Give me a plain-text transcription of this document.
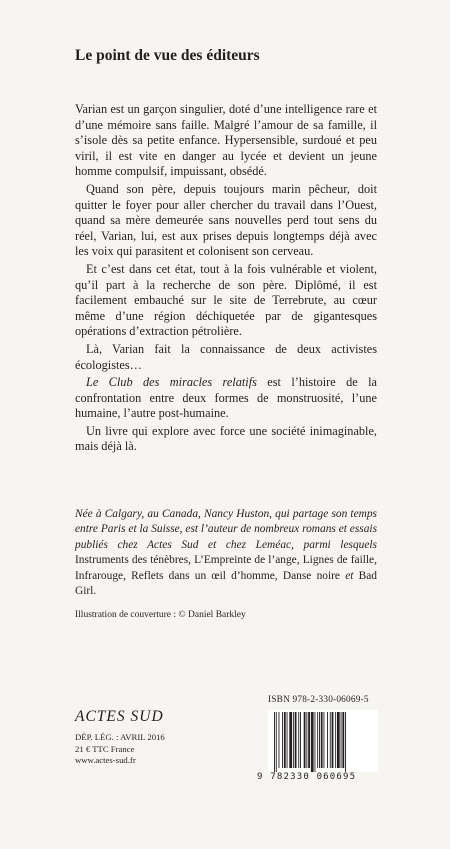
Le point de vue des éditeurs

Varian est un garçon singulier, doté d’une intelligence rare et d’une mémoire sans faille. Malgré l’amour de sa famille, il s’isole dès sa petite enfance. Hypersensible, surdoué et peu viril, il est vite en danger au lycée et devient un jeune homme compulsif, impuissant, obsédé.

Quand son père, depuis toujours marin pêcheur, doit quitter le foyer pour aller chercher du travail dans l’Ouest, quand sa mère demeurée sans nouvelles perd tout sens du réel, Varian, lui, est aux prises depuis longtemps déjà avec les voix qui parasitent et colonisent son cerveau.

Et c’est dans cet état, tout à la fois vulnérable et violent, qu’il part à la recherche de son père. Diplômé, il est facilement embauché sur le site de Terrebrute, au cœur même d’une région déchiquetée par de gigantesques opérations d’extraction pétrolière.

Là, Varian fait la connaissance de deux activistes écologistes…

Le Club des miracles relatifs est l’histoire de la confrontation entre deux formes de monstruosité, l’une humaine, l’autre post-humaine.

Un livre qui explore avec force une société inimaginable, mais déjà là.

Née à Calgary, au Canada, Nancy Huston, qui partage son temps entre Paris et la Suisse, est l’auteur de nombreux romans et essais publiés chez Actes Sud et chez Leméac, parmi lesquels Instruments des ténèbres, L’Empreinte de l’ange, Lignes de faille, Infrarouge, Reflets dans un œil d’homme, Danse noire et Bad Girl.

Illustration de couverture : © Daniel Barkley

ACTES SUD

DÉP. LÉG. : AVRIL 2016

21 € TTC France

www.actes-sud.fr

ISBN 978-2-330-06069-5

9 782330 060695
